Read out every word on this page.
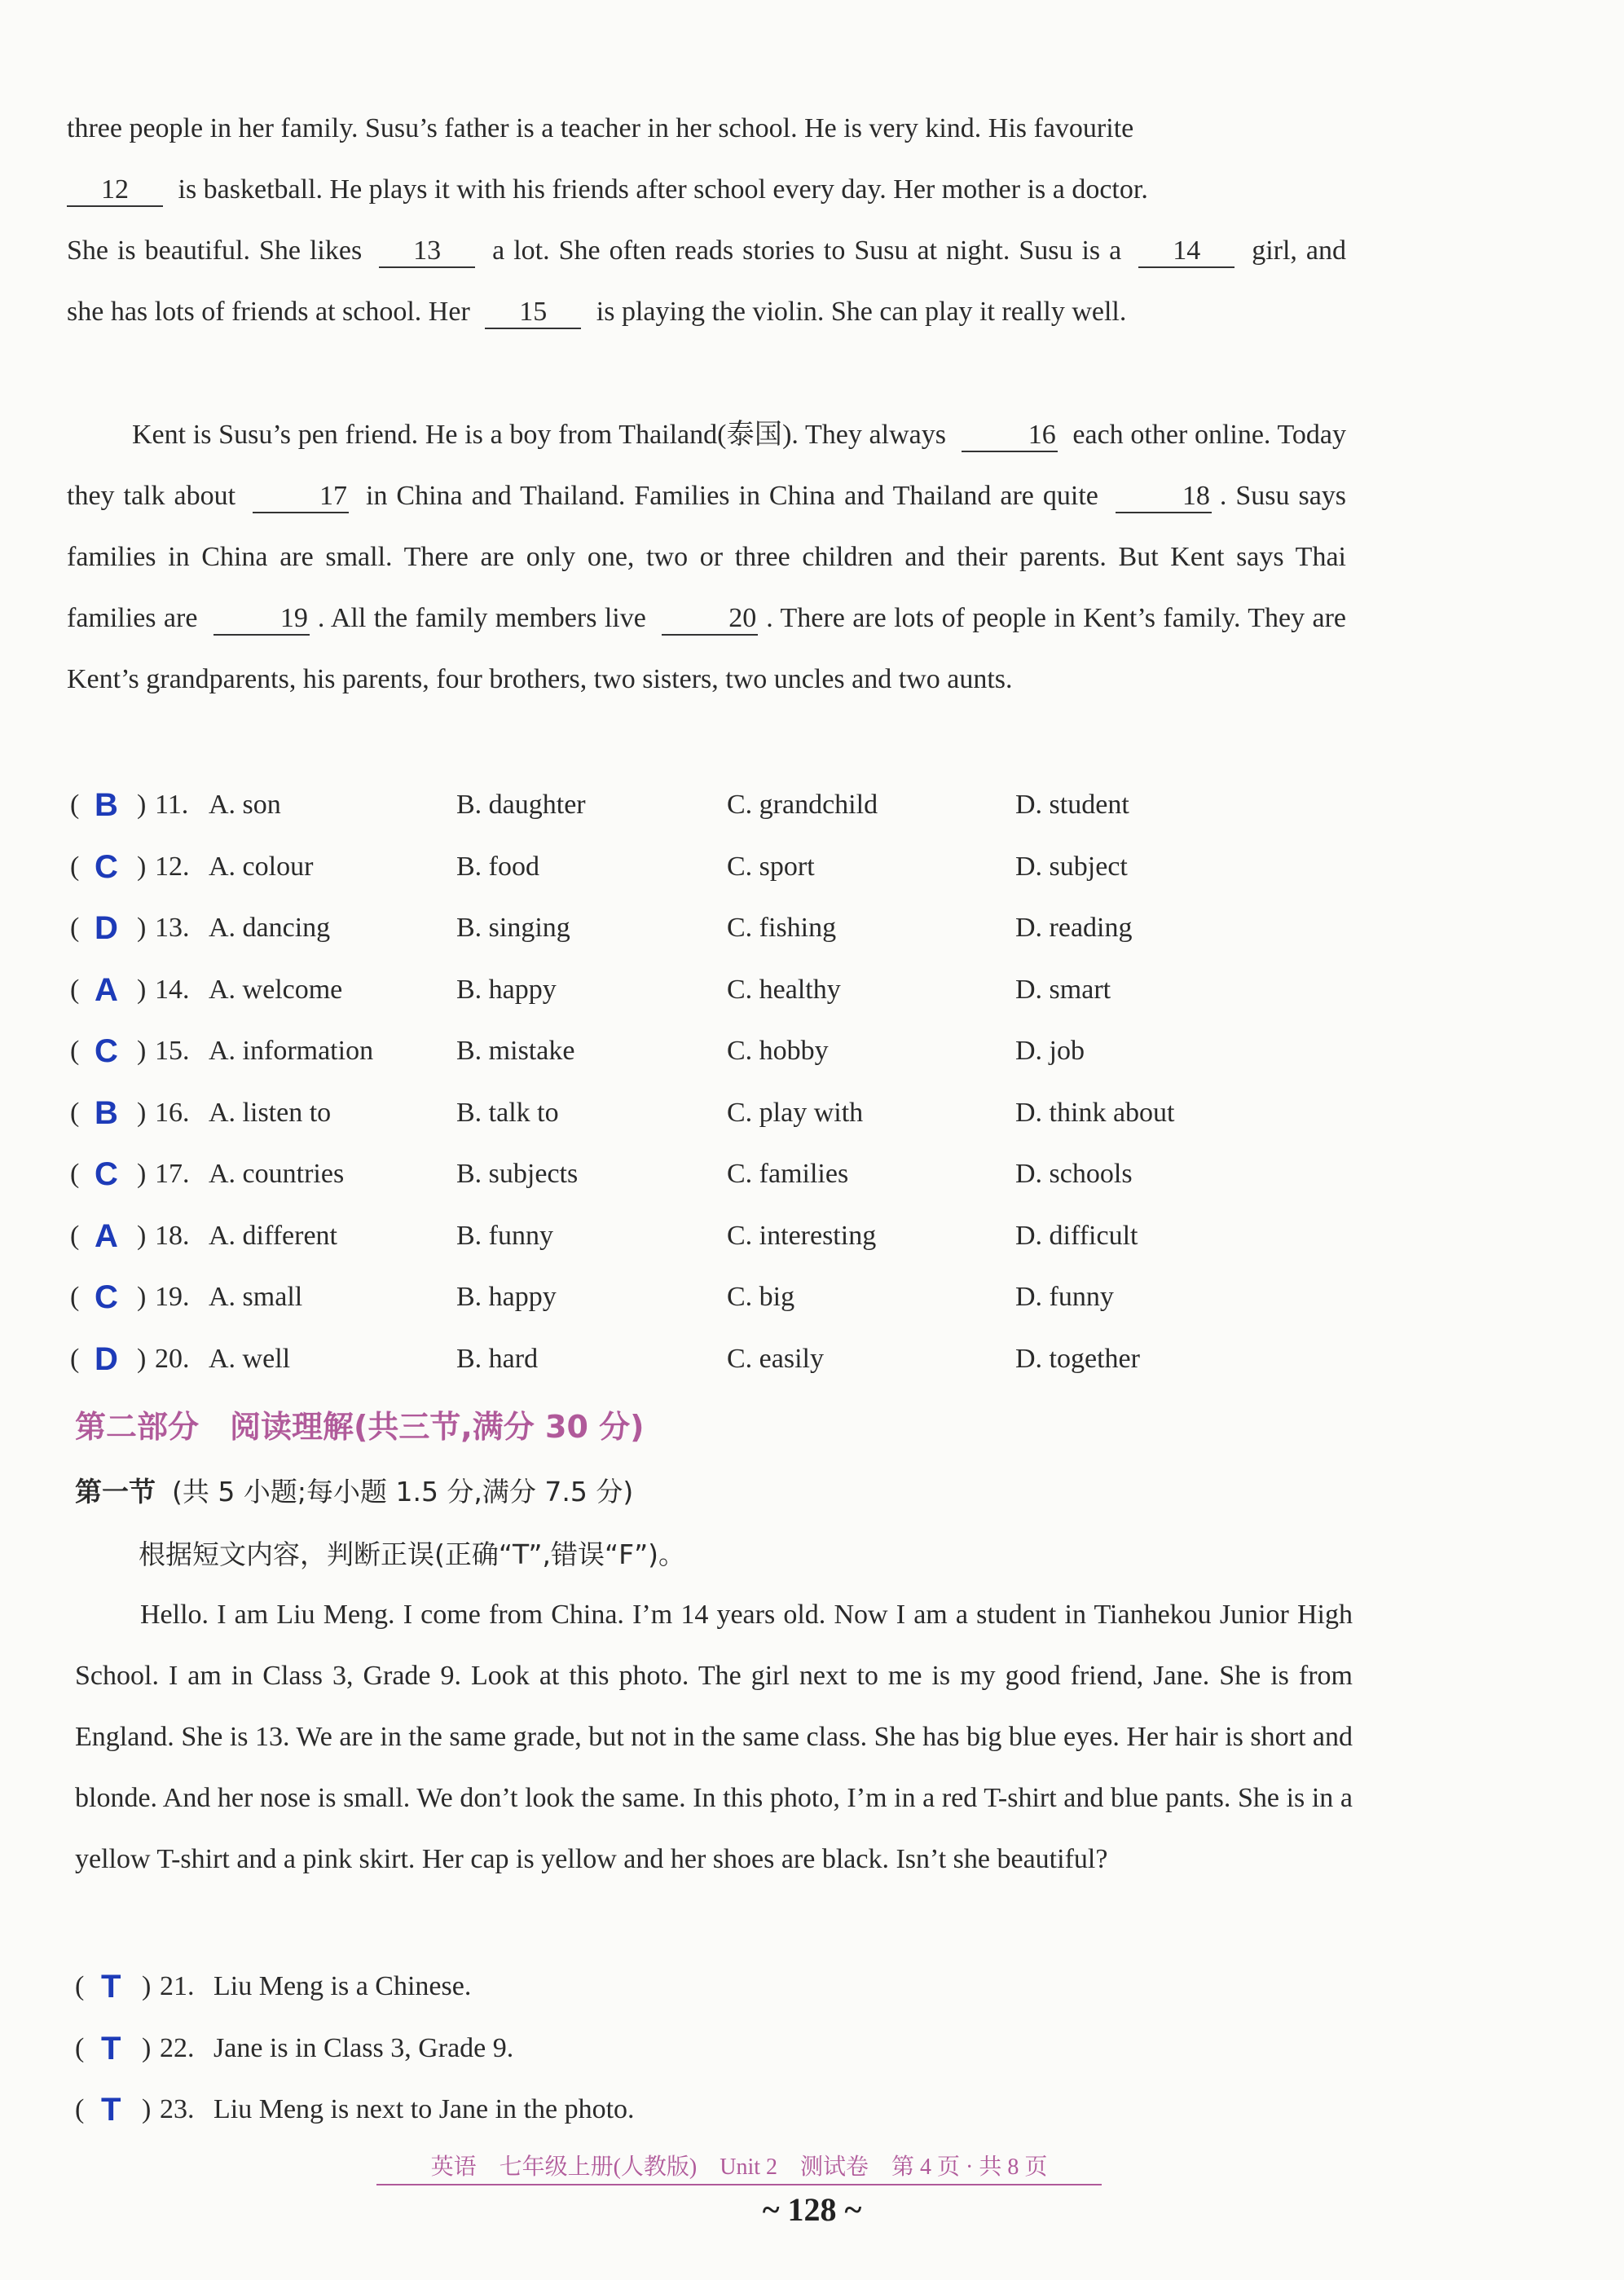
three people in her family. Susu’s father is a teacher in her school. He is very kind. His favourite
12 is basketball. He plays it with his friends after school every day. Her mother is a doctor.
She is beautiful. She likes 13 a lot. She often reads stories to Susu at night. Susu is a 14 girl, and she has lots of friends at school. Her 15 is playing the violin. She can play it really well.

Kent is Susu’s pen friend. He is a boy from Thailand(泰国). They always	16 each other online. Today they talk about	17 in China and Thailand. Families in China and Thailand are quite	18 . Susu says families in China are small. There are only one, two or three children and their parents. But Kent says Thai families are	19 . All the family members live	20 . There are lots of people in Kent’s family. They are Kent’s grandparents, his parents, four brothers, two sisters, two uncles and two aunts.

( B ) 11. A. son	B. daughter	C. grandchild	D. student
( C ) 12. A. colour	B. food	C. sport	D. subject
( D ) 13. A. dancing	B. singing	C. fishing	D. reading
( A ) 14. A. welcome	B. happy	C. healthy	D. smart
( C ) 15. A. information	B. mistake	C. hobby	D. job
( B ) 16. A. listen to	B. talk to	C. play with	D. think about
( C ) 17. A. countries	B. subjects	C. families	D. schools
( A ) 18. A. different	B. funny	C. interesting	D. difficult
( C ) 19. A. small	B. happy	C. big	D. funny
( D ) 20. A. well	B. hard	C. easily	D. together

第二部分　阅读理解(共三节,满分 30 分)

第一节 (共 5 小题;每小题 1.5 分,满分 7.5 分)

根据短文内容，判断正误(正确“T”,错误“F”)。

Hello. I am Liu Meng. I come from China. I’m 14 years old. Now I am a student in Tianhekou Junior High School. I am in Class 3, Grade 9. Look at this photo. The girl next to me is my good friend, Jane. She is from England. She is 13. We are in the same grade, but not in the same class. She has big blue eyes. Her hair is short and blonde. And her nose is small. We don’t look the same. In this photo, I’m in a red T-shirt and blue pants. She is in a yellow T-shirt and a pink skirt. Her cap is yellow and her shoes are black. Isn’t she beautiful?

( T ) 21. Liu Meng is a Chinese.
( T ) 22. Jane is in Class 3, Grade 9.
( T ) 23. Liu Meng is next to Jane in the photo.
英语　七年级上册(人教版)　Unit 2　测试卷　第 4 页 · 共 8 页
~ 128 ~
